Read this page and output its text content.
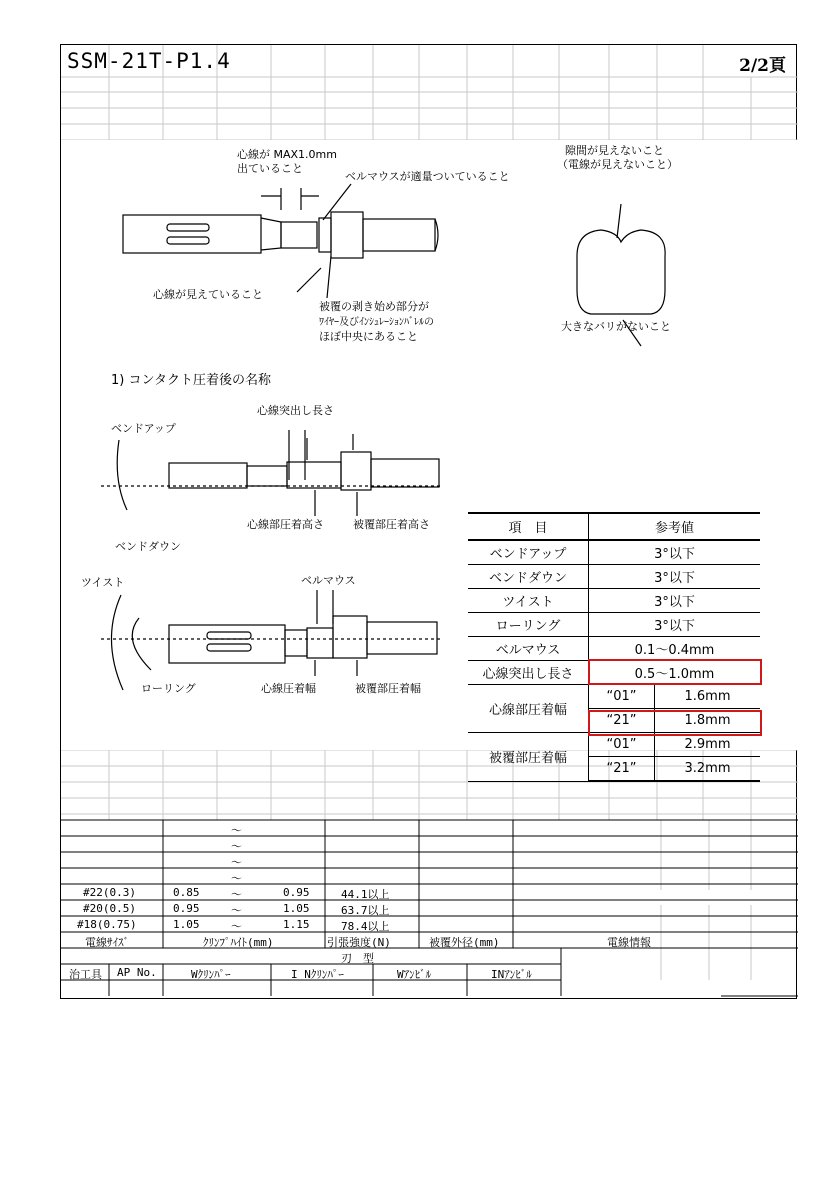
SSM-21T-P1.4	2/2頁
心線が MAX1.0mm
出ていること
ベルマウスが適量ついていること
心線が見えていること
被覆の剥き始め部分が
ﾜｲﾔｰ及びｲﾝｼｭﾚｰｼｮﾝﾊﾞﾚﾙの
ほぼ中央にあること
隙間が見えないこと
（電線が見えないこと）
大きなバリがないこと
1) コンタクト圧着後の名称
心線突出し長さ
ベンドアップ
心線部圧着高さ	被覆部圧着高さ
ベンドダウン
ツイスト	ベルマウス
ローリング	心線圧着幅	被覆部圧着幅
項　目	参考値	
ベンドアップ	3°以下	
ベンドダウン	3°以下	
ツイスト	3°以下	
ローリング	3°以下	
ベルマウス	0.1～0.4mm	
心線突出し長さ	0.5～1.0mm	
心線部圧着幅	“01”	1.6mm
	“21”	1.8mm
被覆部圧着幅	“01”	2.9mm
	“21”	3.2mm
～
～
～
～
#22(0.3)	0.85	～	0.95	44.1以上
#20(0.5)	0.95	～	1.05	63.7以上
#18(0.75)	1.05	～	1.15	78.4以上
電線ｻｲｽﾞ	ｸﾘﾝﾌﾟﾊｲﾄ(mm)	引張強度(N)	被覆外径(mm)	電線情報
刃　型
治工具 AP No.	Wｸﾘﾝﾊﾟｰ	I Nｸﾘﾝﾊﾟｰ	Wｱﾝﾋﾞﾙ	INｱﾝﾋﾞﾙ
